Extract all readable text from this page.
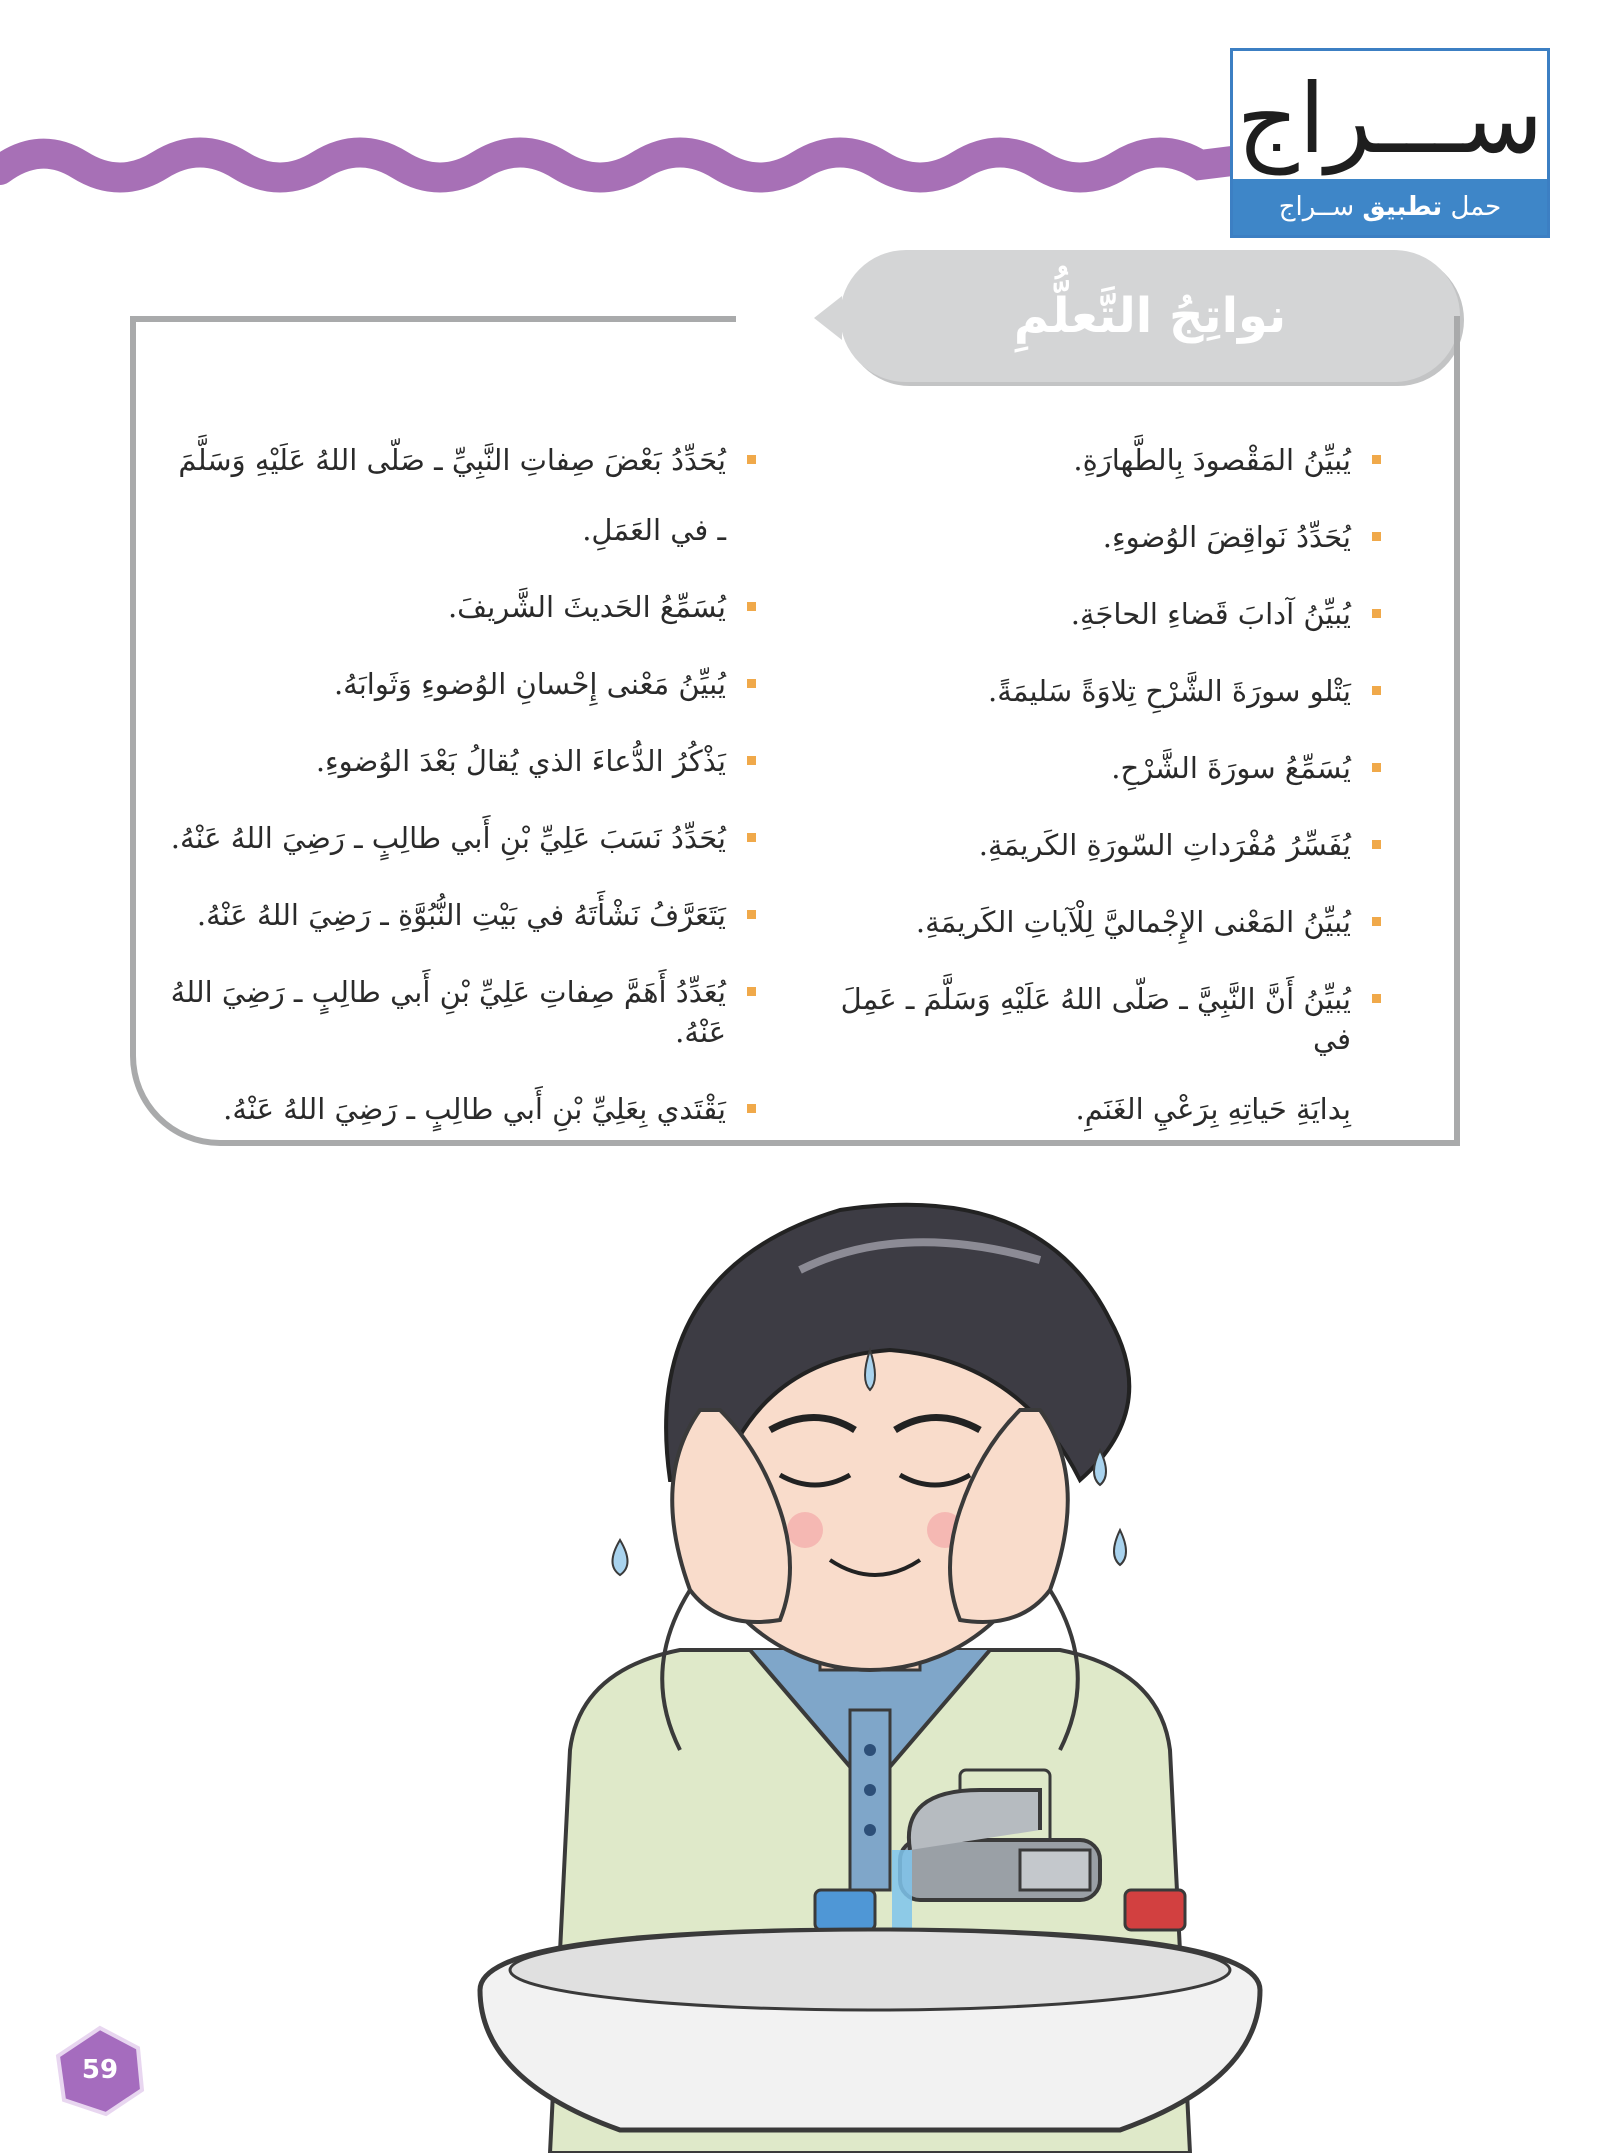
ســـراج
حمل تطبيق ســراج
نواتِجُ التَّعلُّمِ
يُبيِّنُ المَقْصودَ بِالطَّهارَةِ.
يُحَدِّدُ نَواقِضَ الوُضوءِ.
يُبيِّنُ آدابَ قَضاءِ الحاجَةِ.
يَتْلو سورَةَ الشَّرْحِ تِلاوَةً سَليمَةً.
يُسَمِّعُ سورَةَ الشَّرْحِ.
يُفَسِّرُ مُفْرَداتِ السّورَةِ الكَريمَةِ.
يُبيِّنُ المَعْنى الإِجْماليَّ لِلْآياتِ الكَريمَةِ.
يُبيِّنُ أَنَّ النَّبِيَّ ـ صَلّى اللهُ عَلَيْهِ وَسَلَّمَ ـ عَمِلَ في
بِدايَةِ حَياتِهِ بِرَعْيِ الغَنَمِ.
يُحَدِّدُ بَعْضَ صِفاتِ النَّبِيِّ ـ صَلّى اللهُ عَلَيْهِ وَسَلَّمَ
ـ في العَمَلِ.
يُسَمِّعُ الحَديثَ الشَّريفَ.
يُبيِّنُ مَعْنى إِحْسانِ الوُضوءِ وَثَوابَهُ.
يَذْكُرُ الدُّعاءَ الذي يُقالُ بَعْدَ الوُضوءِ.
يُحَدِّدُ نَسَبَ عَلِيِّ بْنِ أَبي طالِبٍ ـ رَضِيَ اللهُ عَنْهُ.
يَتَعَرَّفُ نَشْأَتَهُ في بَيْتِ النُّبُوَّةِ ـ رَضِيَ اللهُ عَنْهُ.
يُعَدِّدُ أَهَمَّ صِفاتِ عَلِيِّ بْنِ أَبي طالِبٍ ـ رَضِيَ اللهُ عَنْهُ.
يَقْتَدي بِعَلِيِّ بْنِ أَبي طالِبٍ ـ رَضِيَ اللهُ عَنْهُ.
59
